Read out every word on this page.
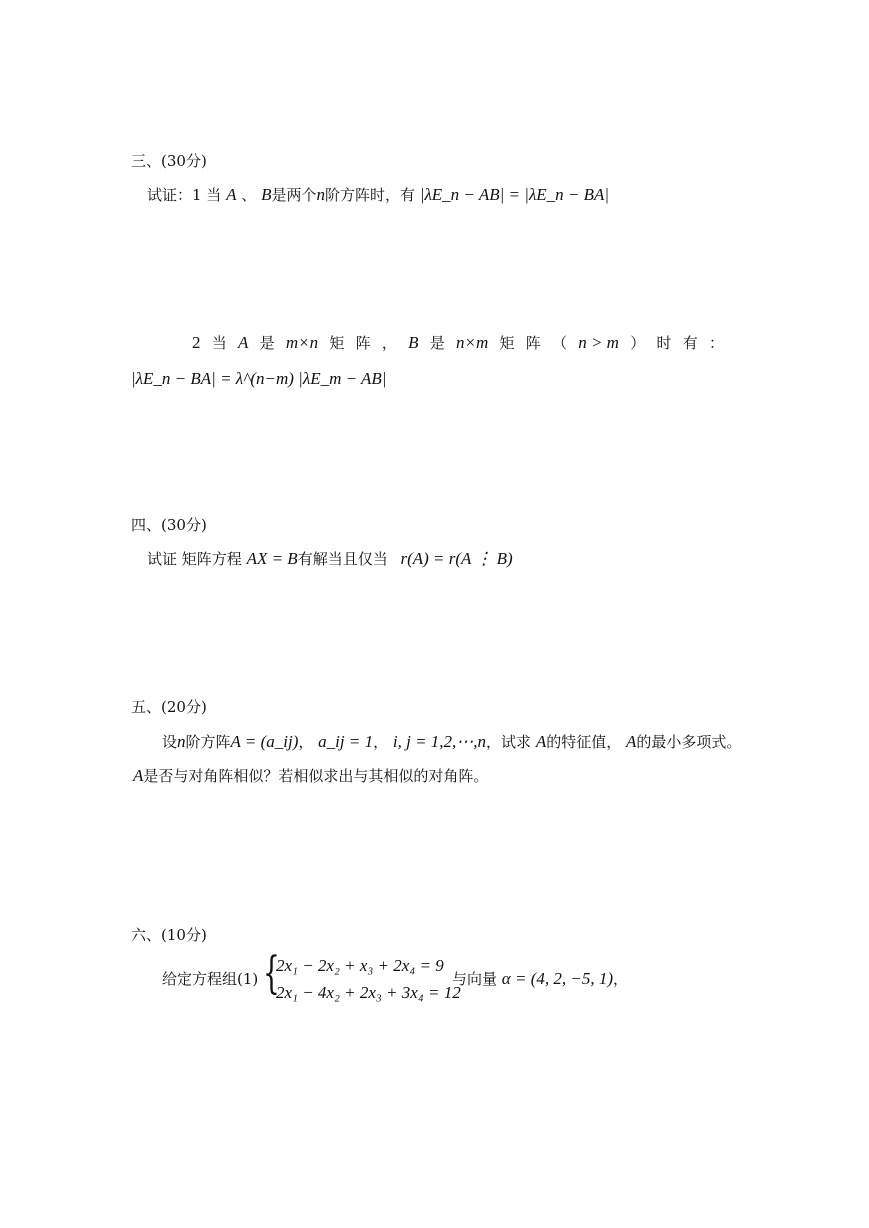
三、(30分)
试证：1 当 A 、 B是两个n阶方阵时，有 |λE_n − AB| = |λE_n − BA|
2 当 A 是 m×n 矩 阵 ， B 是 n×m 矩 阵 （ n > m ） 时 有 ：
|λE_n − BA| = λ^(n−m) |λE_m − AB|
四、(30分)
试证 矩阵方程 AX = B有解当且仅当 r(A) = r(A ⋮ B)
五、(20分)
设n阶方阵A = (a_ij)， a_ij = 1， i, j = 1,2,⋯,n，试求 A的特征值， A的最小多项式。
A是否与对角阵相似？若相似求出与其相似的对角阵。
六、(10分)
给定方程组(1) {
2x₁ − 2x₂ + x₃ + 2x₄ = 9
2x₁ − 4x₂ + 2x₃ + 3x₄ = 12
与向量 α = (4, 2, −5, 1)，
